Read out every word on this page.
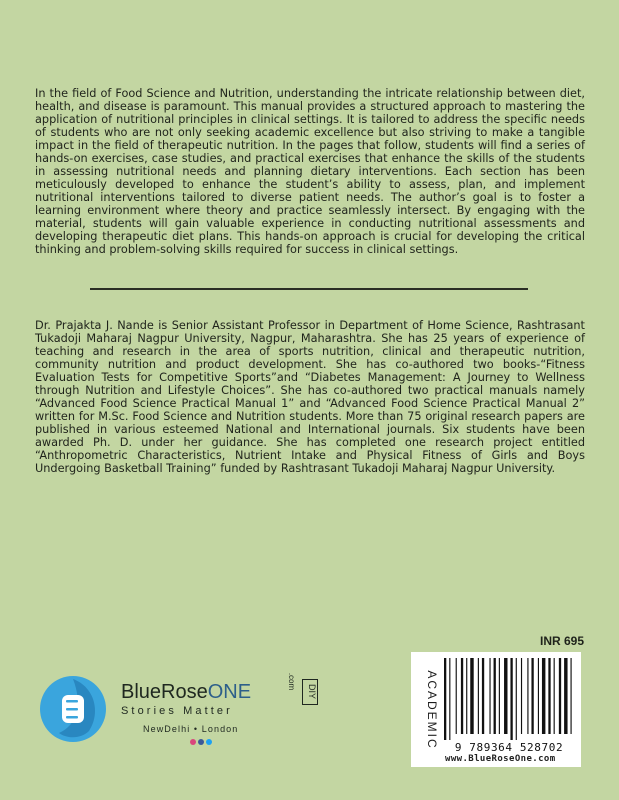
In the field of Food Science and Nutrition, understanding the intricate relationship between diet, health, and disease is paramount. This manual provides a structured approach to mastering the application of nutritional principles in clinical settings. It is tailored to address the specific needs of students who are not only seeking academic excellence but also striving to make a tangible impact in the field of therapeutic nutrition. In the pages that follow, students will find a series of hands-on exercises, case studies, and practical exercises that enhance the skills of the students in assessing nutritional needs and planning dietary interventions. Each section has been meticulously developed to enhance the student’s ability to assess, plan, and implement nutritional interventions tailored to diverse patient needs. The author’s goal is to foster a learning environment where theory and practice seamlessly intersect. By engaging with the material, students will gain valuable experience in conducting nutritional assessments and developing therapeutic diet plans. This hands-on approach is crucial for developing the critical thinking and problem-solving skills required for success in clinical settings.

Dr. Prajakta J. Nande is Senior Assistant Professor in Department of Home Science, Rashtrasant Tukadoji Maharaj Nagpur University, Nagpur, Maharashtra. She has 25 years of experience of teaching and research in the area of sports nutrition, clinical and therapeutic nutrition, community nutrition and product development. She has co-authored two books-“Fitness Evaluation Tests for Competitive Sports”and “Diabetes Management: A Journey to Wellness through Nutrition and Lifestyle Choices”. She has co-authored two practical manuals namely “Advanced Food Science Practical Manual 1” and “Advanced Food Science Practical Manual 2” written for M.Sc. Food Science and Nutrition students. More than 75 original research papers are published in various esteemed National and International journals. Six students have been awarded Ph. D. under her guidance. She has completed one research project entitled “Anthropometric Characteristics, Nutrient Intake and Physical Fitness of Girls and Boys Undergoing Basketball Training” funded by Rashtrasant Tukadoji Maharaj Nagpur University.

INR 695
9 789364 528702
ACADEMIC
www.BlueRoseOne.com
BlueRoseONE	.com
DIY
Stories Matter
NewDelhi • London
